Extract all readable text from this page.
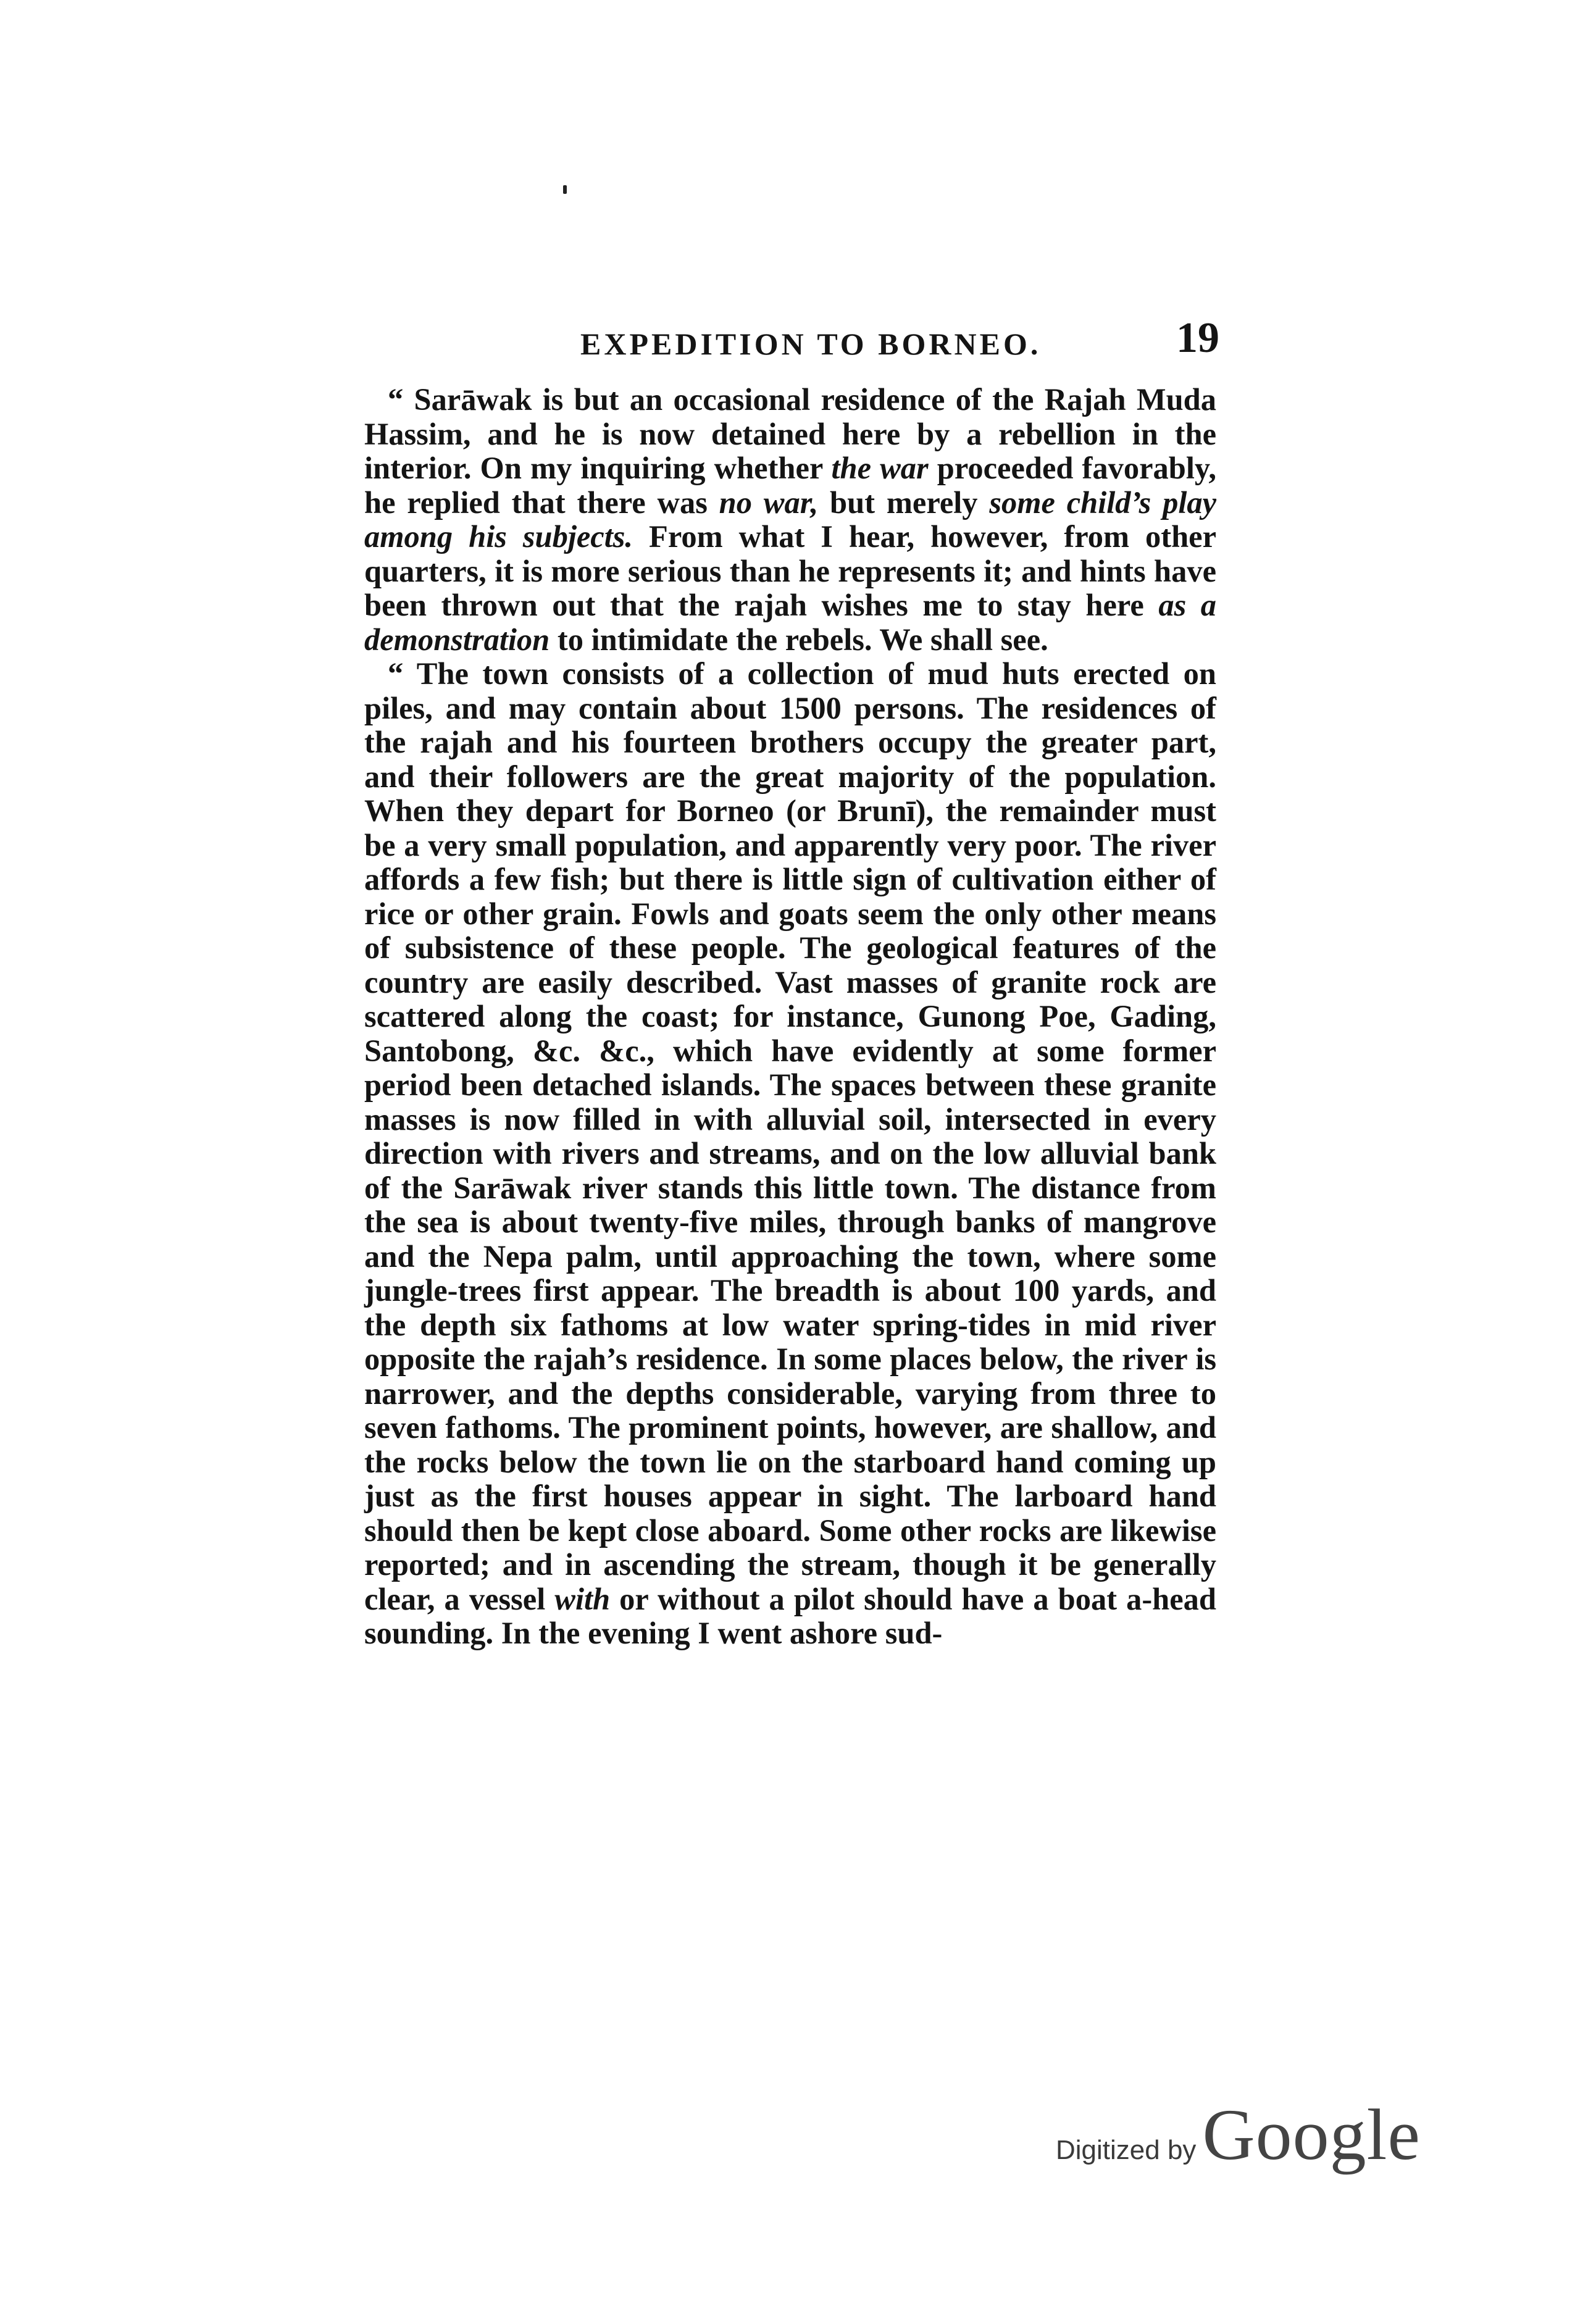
EXPEDITION TO BORNEO.	19

“ Sarāwak is but an occasional residence of the Rajah Muda Hassim, and he is now detained here by a rebellion in the interior. On my inquiring whether the war proceeded favorably, he replied that there was no war, but merely some child’s play among his subjects. From what I hear, however, from other quarters, it is more serious than he represents it; and hints have been thrown out that the rajah wishes me to stay here as a demonstration to intimidate the rebels. We shall see.

“ The town consists of a collection of mud huts erected on piles, and may contain about 1500 persons. The residences of the rajah and his fourteen brothers occupy the greater part, and their followers are the great majority of the population. When they depart for Borneo (or Brunī), the remainder must be a very small population, and apparently very poor. The river affords a few fish; but there is little sign of cultivation either of rice or other grain. Fowls and goats seem the only other means of subsistence of these people. The geological features of the country are easily described. Vast masses of granite rock are scattered along the coast; for instance, Gunong Poe, Gading, Santobong, &c. &c., which have evidently at some former period been detached islands. The spaces between these granite masses is now filled in with alluvial soil, intersected in every direction with rivers and streams, and on the low alluvial bank of the Sarāwak river stands this little town. The distance from the sea is about twenty-five miles, through banks of mangrove and the Nepa palm, until approaching the town, where some jungle-trees first appear. The breadth is about 100 yards, and the depth six fathoms at low water spring-tides in mid river opposite the rajah’s residence. In some places below, the river is narrower, and the depths considerable, varying from three to seven fathoms. The prominent points, however, are shallow, and the rocks below the town lie on the starboard hand coming up just as the first houses appear in sight. The larboard hand should then be kept close aboard. Some other rocks are likewise reported; and in ascending the stream, though it be generally clear, a vessel with or without a pilot should have a boat a-head sounding. In the evening I went ashore sud-

Digitized by Google
